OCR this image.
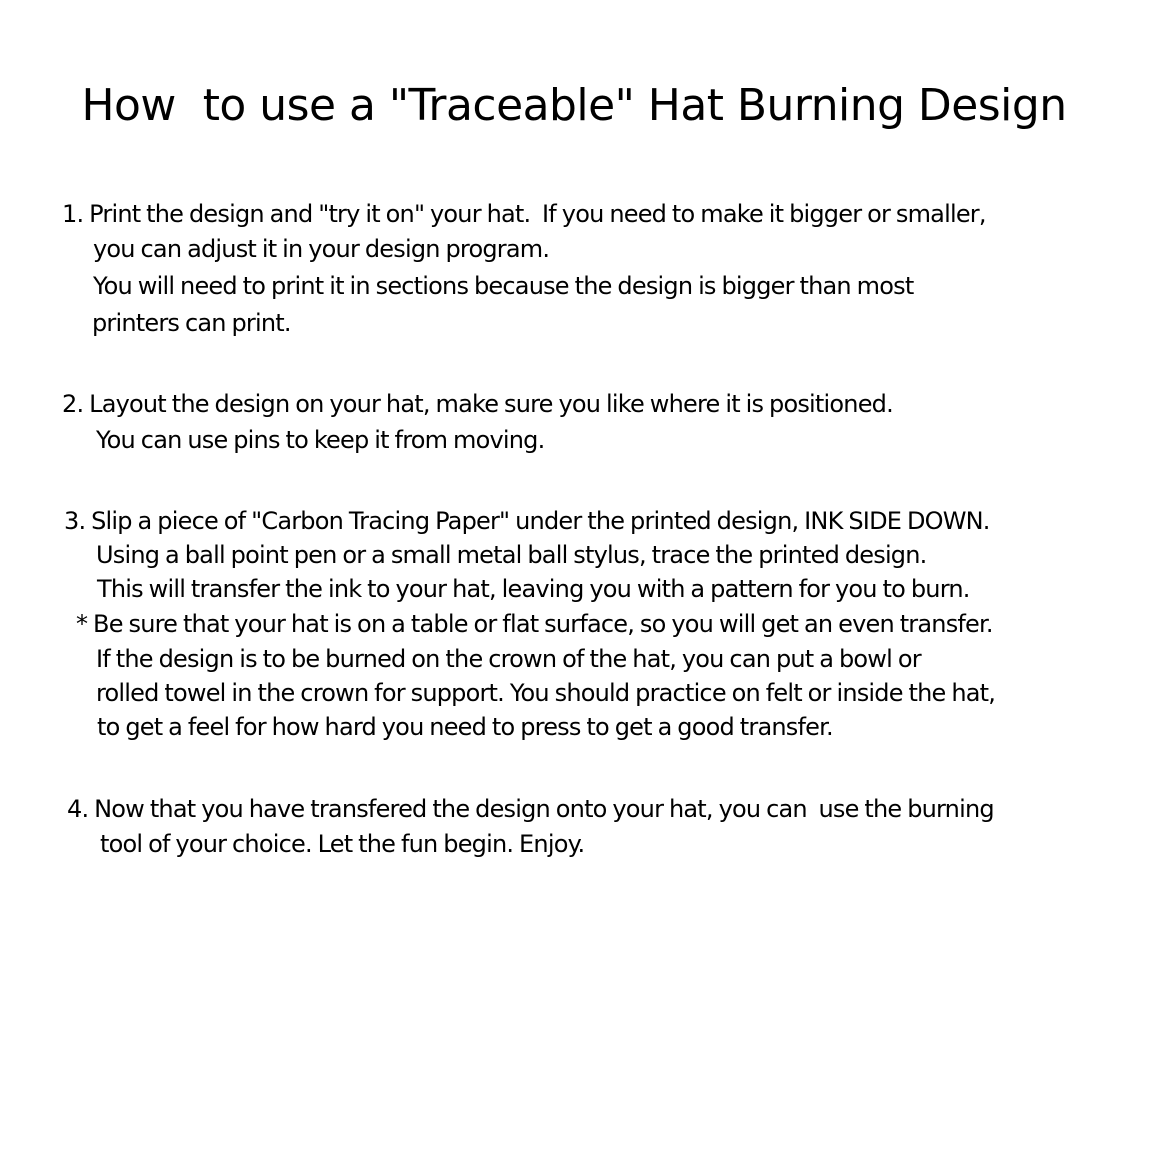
How  to use a "Traceable" Hat Burning Design
1. Print the design and "try it on" your hat.  If you need to make it bigger or smaller,
you can adjust it in your design program.
You will need to print it in sections because the design is bigger than most
printers can print.
2. Layout the design on your hat, make sure you like where it is positioned.
You can use pins to keep it from moving.
3. Slip a piece of "Carbon Tracing Paper" under the printed design, INK SIDE DOWN.
Using a ball point pen or a small metal ball stylus, trace the printed design.
This will transfer the ink to your hat, leaving you with a pattern for you to burn.
* Be sure that your hat is on a table or flat surface, so you will get an even transfer.
If the design is to be burned on the crown of the hat, you can put a bowl or
rolled towel in the crown for support. You should practice on felt or inside the hat,
to get a feel for how hard you need to press to get a good transfer.
4. Now that you have transfered the design onto your hat, you can  use the burning
tool of your choice. Let the fun begin. Enjoy.
